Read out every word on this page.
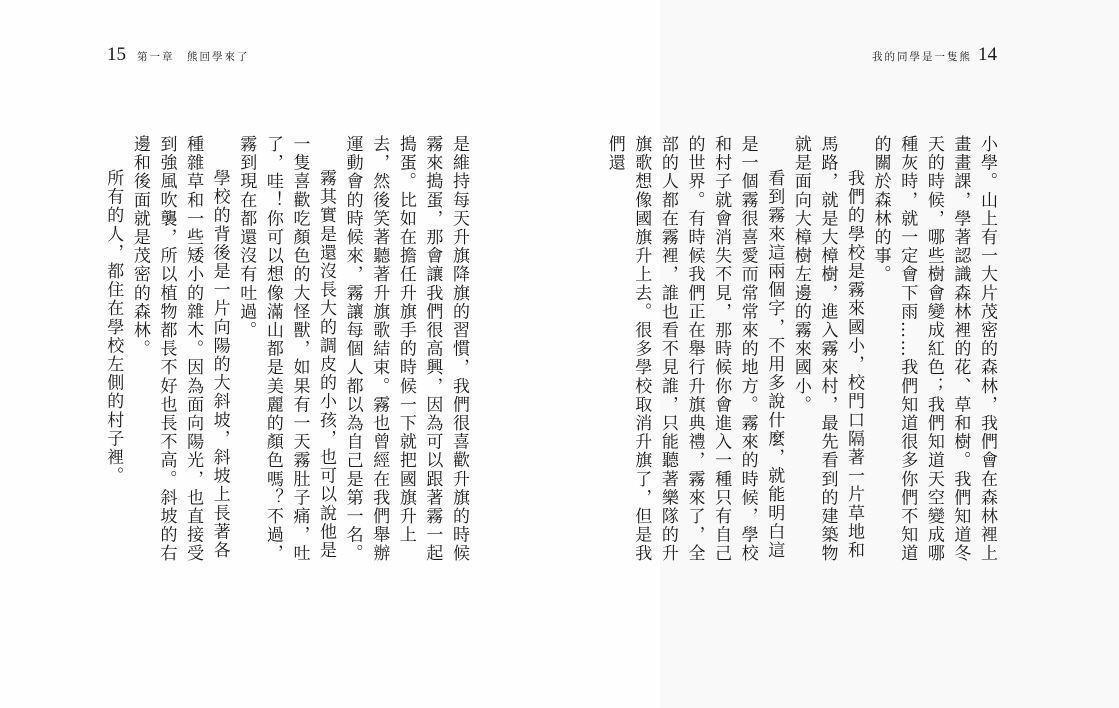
15 第一章　熊回學來了

是維持每天升旗降旗的習慣，我們很喜歡升旗的時候霧來搗蛋，那會讓我們很高興，因為可以跟著霧一起搗蛋。比如在擔任升旗手的時候一下就把國旗升上去，然後笑著聽著升旗歌結束。霧也曾經在我們舉辦運動會的時候來，霧讓每個人都以為自己是第一名。

霧其實是還沒長大的調皮的小孩，也可以說他是一隻喜歡吃顏色的大怪獸，如果有一天霧肚子痛，吐了，哇！你可以想像滿山都是美麗的顏色嗎？不過，霧到現在都還沒有吐過。

學校的背後是一片向陽的大斜坡，斜坡上長著各種雜草和一些矮小的雜木。因為面向陽光，也直接受到強風吹襲，所以植物都長不好也長不高。斜坡的右邊和後面就是茂密的森林。

所有的人，都住在學校左側的村子裡。

我的同學是一隻熊 14

小學。山上有一大片茂密的森林，我們會在森林裡上畫畫課，學著認識森林裡的花、草和樹。我們知道冬天的時候，哪些樹會變成紅色；我們知道天空變成哪種灰時，就一定會下雨……我們知道很多你們不知道的關於森林的事。

我們的學校是霧來國小，校門口隔著一片草地和馬路，就是大樟樹，進入霧來村，最先看到的建築物就是面向大樟樹左邊的霧來國小。

看到霧來這兩個字，不用多說什麼，就能明白這是一個霧很喜愛而常常來的地方。霧來的時候，學校和村子就會消失不見，那時候你會進入一種只有自己的世界。有時候我們正在舉行升旗典禮，霧來了，全部的人都在霧裡，誰也看不見誰，只能聽著樂隊的升旗歌想像國旗升上去。很多學校取消升旗了，但是我們還
